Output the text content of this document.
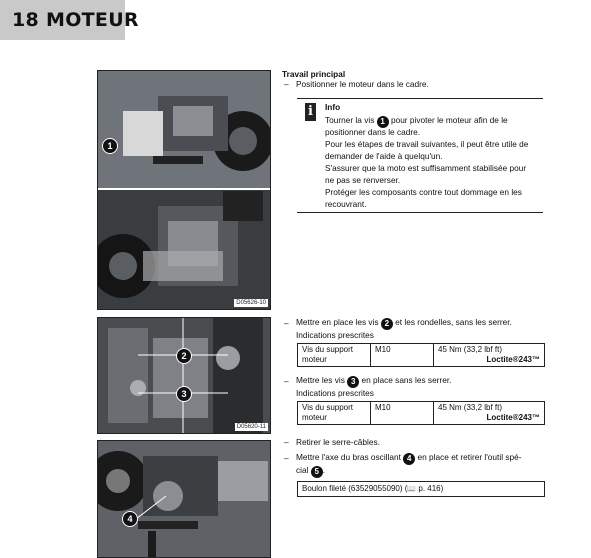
18 MOTEUR
1
D05626-10
2
3
D05620-11
4
Travail principal
– Positionner le moteur dans le cadre.
i	Info
Tourner la vis 1 pour pivoter le moteur afin de le
positionner dans le cadre.
Pour les étapes de travail suivantes, il peut être utile de
demander de l'aide à quelqu'un.
S'assurer que la moto est suffisamment stabilisée pour
ne pas se renverser.
Protéger les composants contre tout dommage en les
recouvrant.
– Mettre en place les vis 2 et les rondelles, sans les serrer.
Indications prescrites
Vis du support
moteur	M10	45 Nm (33,2 lbf ft)

Loctite®243™
– Mettre les vis 3 en place sans les serrer.
Indications prescrites
Vis du support
moteur	M10	45 Nm (33,2 lbf ft)

Loctite®243™
– Retirer le serre-câbles.
– Mettre l'axe du bras oscillant 4 en place et retirer l'outil spé-
cial 5 .
Boulon fileté (63529055090) (📖 p. 416)
